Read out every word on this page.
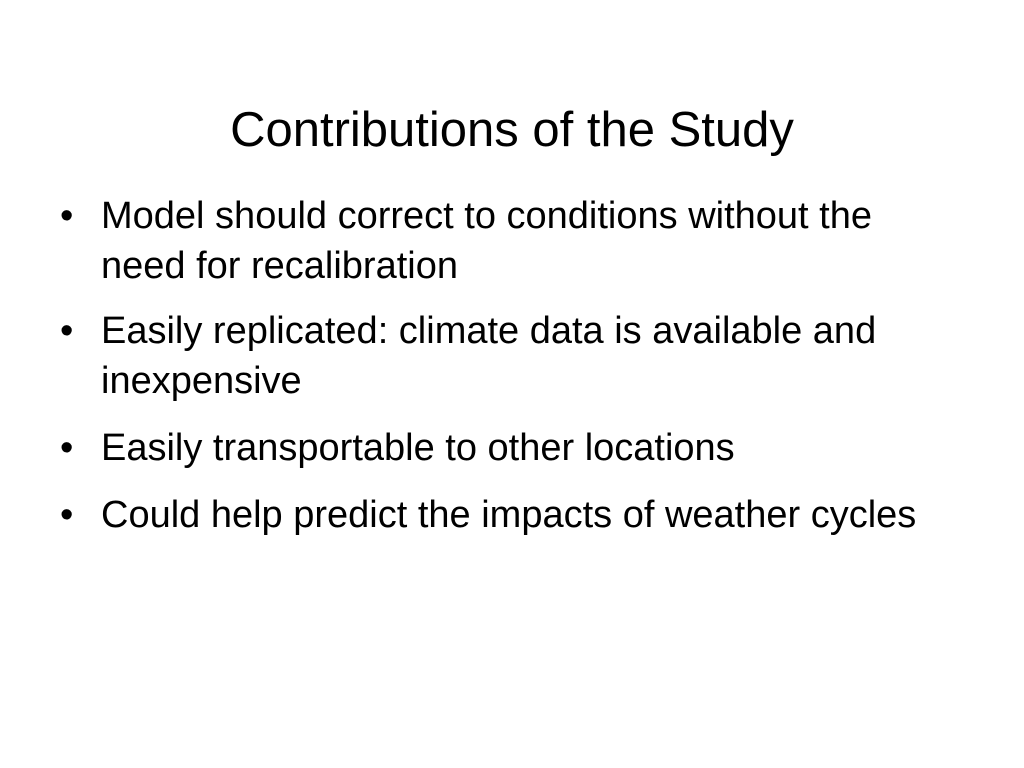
Contributions of the Study
• Model should correct to conditions without the need for recalibration
• Easily replicated: climate data is available and inexpensive
• Easily transportable to other locations
• Could help predict the impacts of weather cycles
